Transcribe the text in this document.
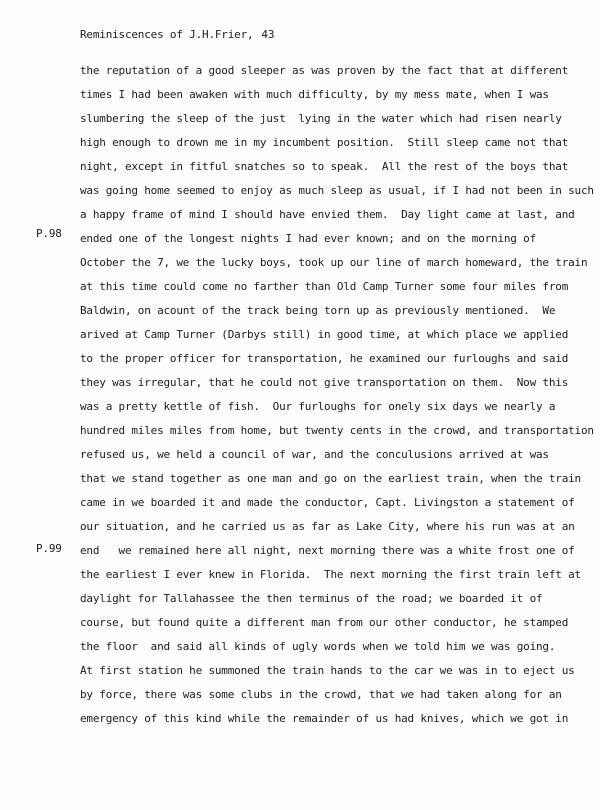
Reminiscences of J.H.Frier, 43
P.98
P.99
the reputation of a good sleeper as was proven by the fact that at different
times I had been awaken with much difficulty, by my mess mate, when I was
slumbering the sleep of the just  lying in the water which had risen nearly
high enough to drown me in my incumbent position.  Still sleep came not that
night, except in fitful snatches so to speak.  All the rest of the boys that
was going home seemed to enjoy as much sleep as usual, if I had not been in such
a happy frame of mind I should have envied them.  Day light came at last, and
ended one of the longest nights I had ever known; and on the morning of
October the 7, we the lucky boys, took up our line of march homeward, the train
at this time could come no farther than Old Camp Turner some four miles from
Baldwin, on acount of the track being torn up as previously mentioned.  We
arived at Camp Turner (Darbys still) in good time, at which place we applied
to the proper officer for transportation, he examined our furloughs and said
they was irregular, that he could not give transportation on them.  Now this
was a pretty kettle of fish.  Our furloughs for onely six days we nearly a
hundred miles miles from home, but twenty cents in the crowd, and transportation
refused us, we held a council of war, and the conculusions arrived at was
that we stand together as one man and go on the earliest train, when the train
came in we boarded it and made the conductor, Capt. Livingston a statement of
our situation, and he carried us as far as Lake City, where his run was at an
end   we remained here all night, next morning there was a white frost one of
the earliest I ever knew in Florida.  The next morning the first train left at
daylight for Tallahassee the then terminus of the road; we boarded it of
course, but found quite a different man from our other conductor, he stamped
the floor  and said all kinds of ugly words when we told him we was going.
At first station he summoned the train hands to the car we was in to eject us
by force, there was some clubs in the crowd, that we had taken along for an
emergency of this kind while the remainder of us had knives, which we got in
